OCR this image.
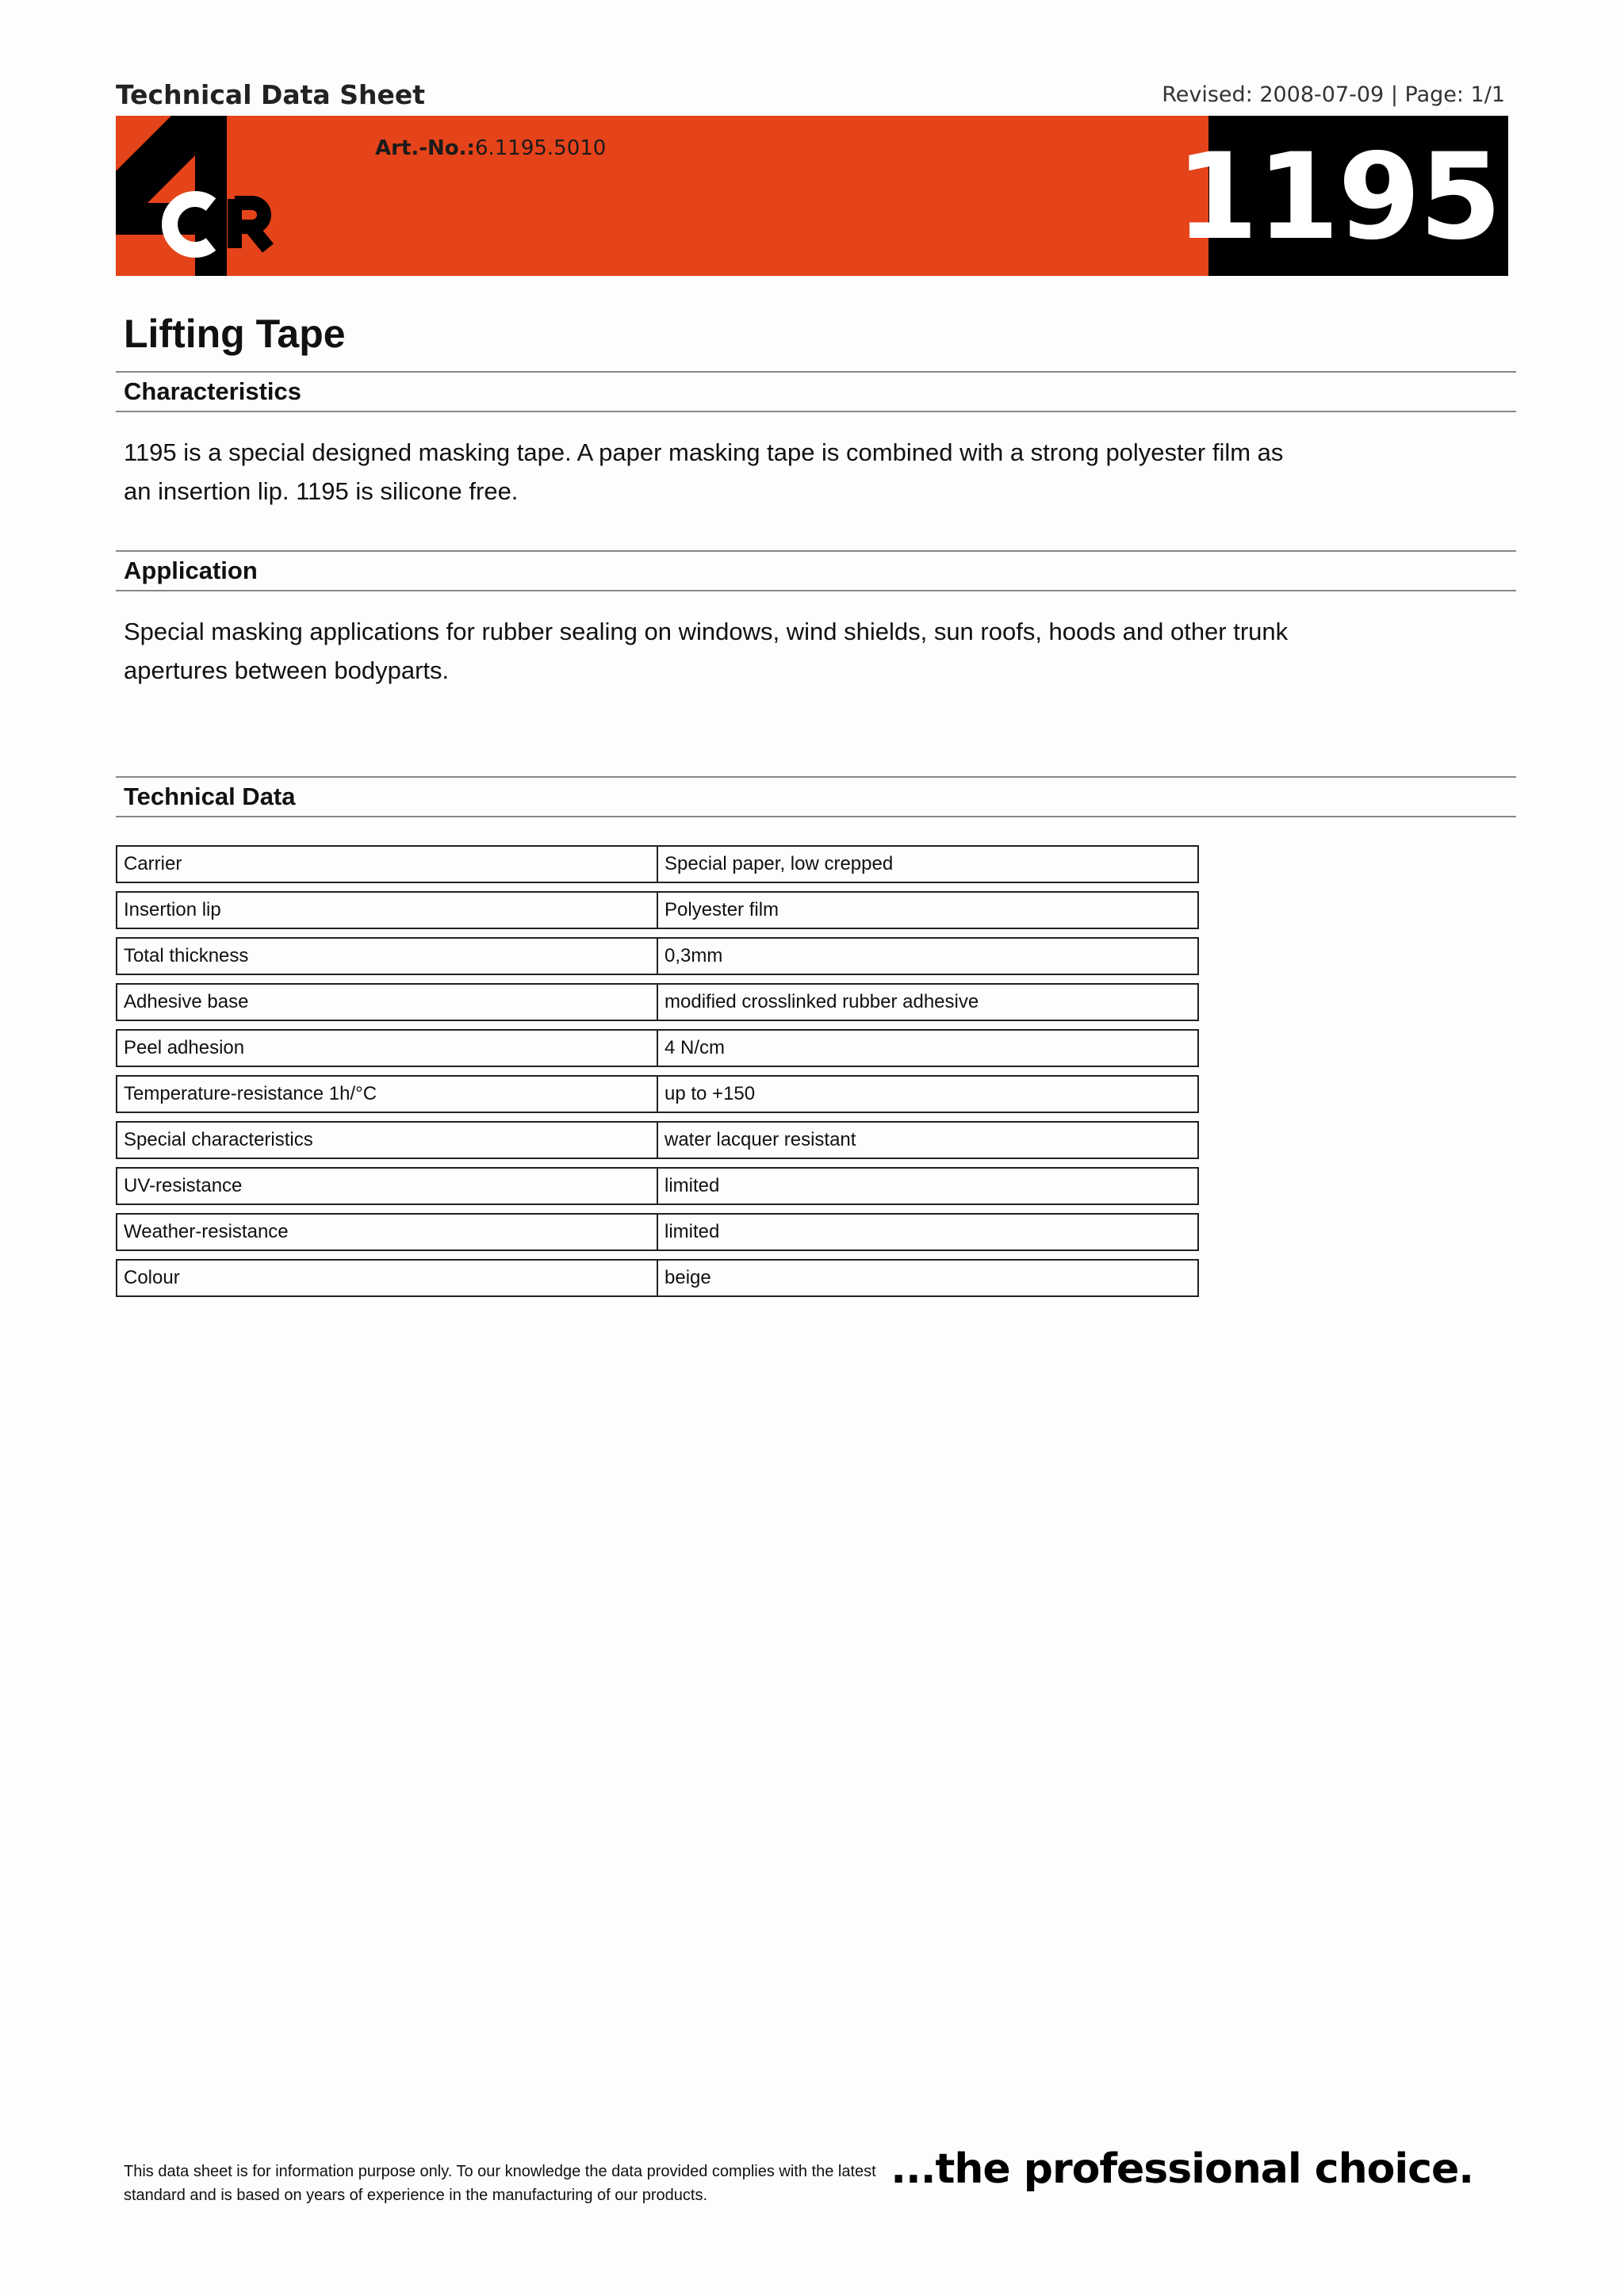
Technical Data Sheet	Revised: 2008-07-09 | Page: 1/1
Art.-No.:6.1195.5010	1195
Lifting Tape
Characteristics
1195 is a special designed masking tape. A paper masking tape is combined with a strong polyester film as an insertion lip. 1195 is silicone free.
Application
Special masking applications for rubber sealing on windows, wind shields, sun roofs, hoods and other trunk apertures between bodyparts.
Technical Data
Carrier	Special paper, low crepped
Insertion lip	Polyester film
Total thickness	0,3mm
Adhesive base	modified crosslinked rubber adhesive
Peel adhesion	4 N/cm
Temperature-resistance 1h/°C	up to +150
Special characteristics	water lacquer resistant
UV-resistance	limited
Weather-resistance	limited
Colour	beige
This data sheet is for information purpose only. To our knowledge the data provided complies with the latest standard and is based on years of experience in the manufacturing of our products.
...the professional choice.
